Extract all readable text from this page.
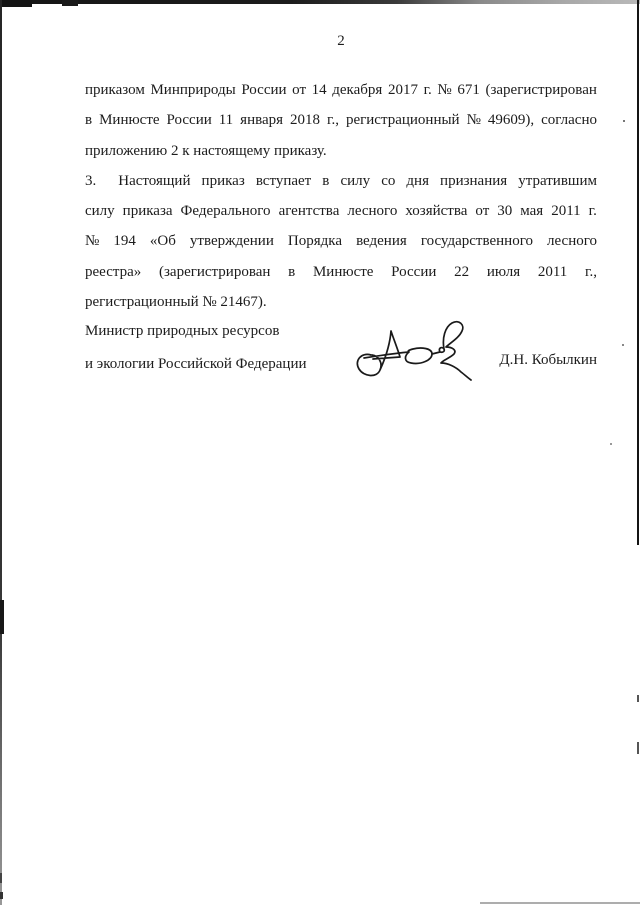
2
приказом Минприроды России от 14 декабря 2017 г. № 671 (зарегистрирован
в Минюсте России 11 января 2018 г., регистрационный № 49609), согласно
приложению 2 к настоящему приказу.
3. Настоящий приказ вступает в силу со дня признания утратившим
силу приказа Федерального агентства лесного хозяйства от 30 мая 2011 г.
№ 194 «Об утверждении Порядка ведения государственного лесного
реестра» (зарегистрирован в Минюсте России 22 июля 2011 г.,
регистрационный № 21467).
Министр природных ресурсов
и экологии Российской Федерации	Д.Н. Кобылкин
